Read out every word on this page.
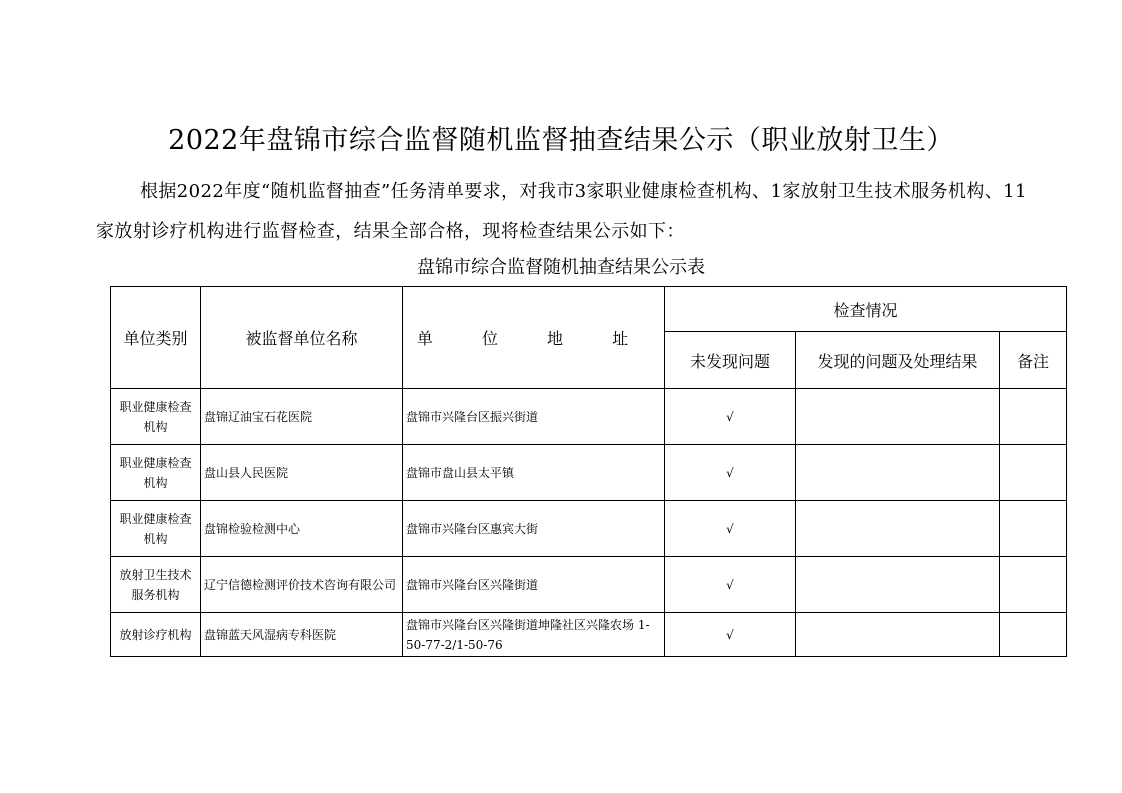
2022年盘锦市综合监督随机监督抽查结果公示（职业放射卫生）
根据2022年度“随机监督抽查”任务清单要求，对我市3家职业健康检查机构、1家放射卫生技术服务机构、11家放射诊疗机构进行监督检查，结果全部合格，现将检查结果公示如下：
盘锦市综合监督随机抽查结果公示表
单位类别	被监督单位名称	单 位 地 址	检查情况		
			未发现问题	发现的问题及处理结果	备注
职业健康检查机构	盘锦辽油宝石花医院	盘锦市兴隆台区振兴街道	√		
职业健康检查机构	盘山县人民医院	盘锦市盘山县太平镇	√		
职业健康检查机构	盘锦检验检测中心	盘锦市兴隆台区惠宾大街	√		
放射卫生技术服务机构	辽宁信德检测评价技术咨询有限公司	盘锦市兴隆台区兴隆街道	√		
放射诊疗机构	盘锦蓝天风湿病专科医院	盘锦市兴隆台区兴隆街道坤隆社区兴隆农场 1-50-77-2/1-50-76	√		
